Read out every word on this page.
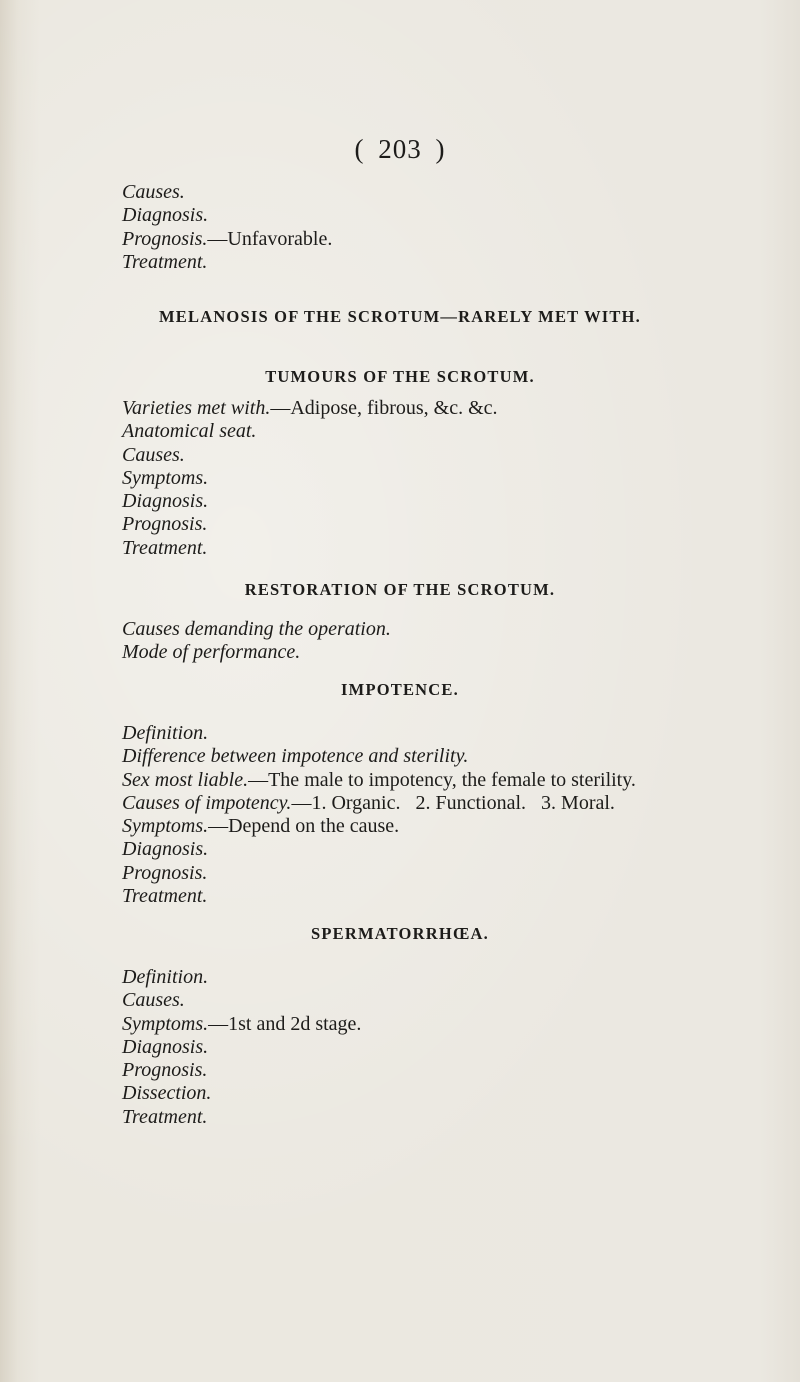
( 203 )
Causes.
Diagnosis.
Prognosis.—Unfavorable.
Treatment.
MELANOSIS OF THE SCROTUM—RARELY MET WITH.
TUMOURS OF THE SCROTUM.
Varieties met with.—Adipose, fibrous, &c. &c.
Anatomical seat.
Causes.
Symptoms.
Diagnosis.
Prognosis.
Treatment.
RESTORATION OF THE SCROTUM.
Causes demanding the operation.
Mode of performance.
IMPOTENCE.
Definition.
Difference between impotence and sterility.
Sex most liable.—The male to impotency, the female to sterility.
Causes of impotency.—1. Organic.   2. Functional.   3. Moral.
Symptoms.—Depend on the cause.
Diagnosis.
Prognosis.
Treatment.
SPERMATORRHŒA.
Definition.
Causes.
Symptoms.—1st and 2d stage.
Diagnosis.
Prognosis.
Dissection.
Treatment.
